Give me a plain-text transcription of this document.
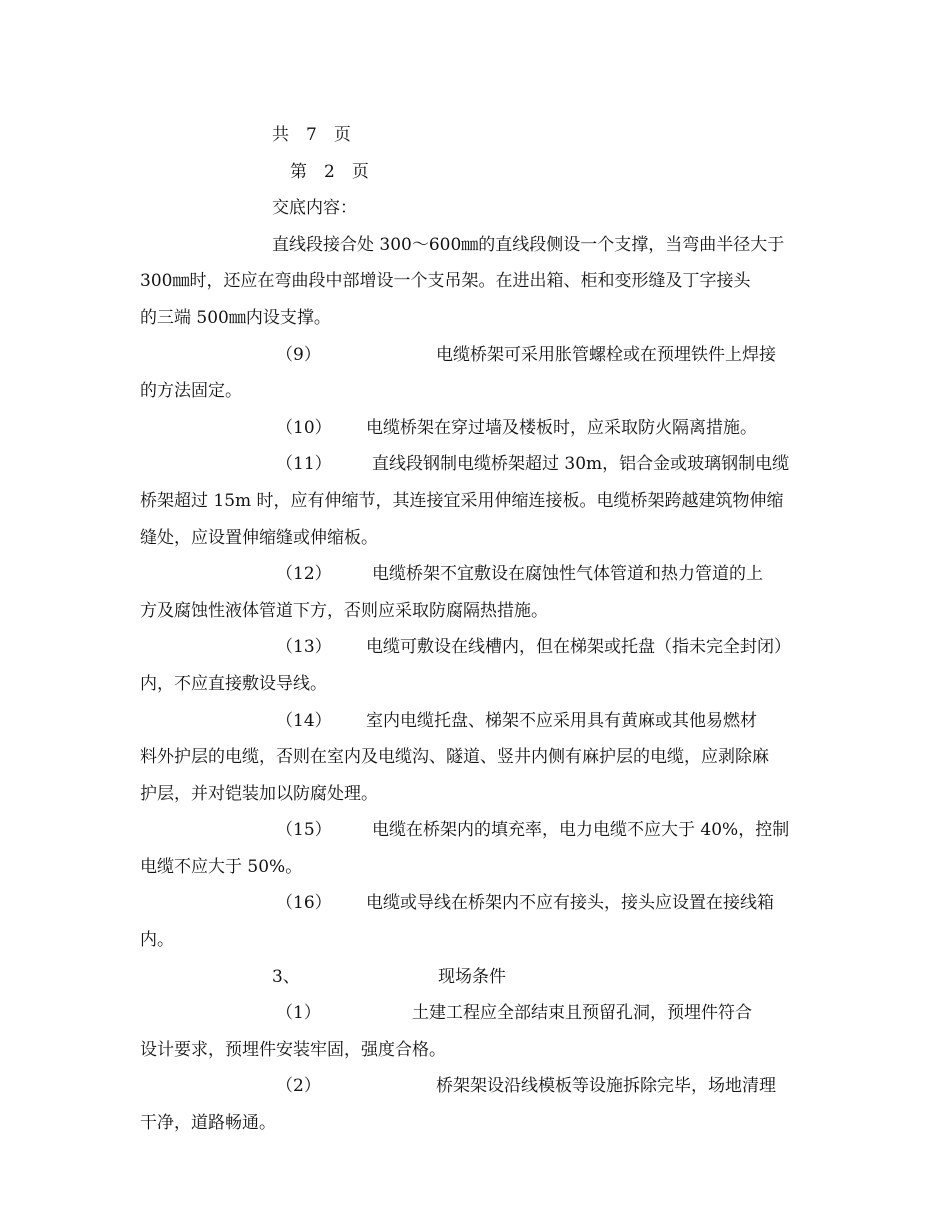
共　7　页
第　2　页
交底内容：
直线段接合处 300～600㎜的直线段侧设一个支撑，当弯曲半径大于
300㎜时，还应在弯曲段中部增设一个支吊架。在进出箱、柜和变形缝及丁字接头
的三端 500㎜内设支撑。
（9）	电缆桥架可采用胀管螺栓或在预埋铁件上焊接
的方法固定。
（10）	电缆桥架在穿过墙及楼板时，应采取防火隔离措施。
（11）	直线段钢制电缆桥架超过 30m，铝合金或玻璃钢制电缆
桥架超过 15m 时，应有伸缩节，其连接宜采用伸缩连接板。电缆桥架跨越建筑物伸缩
缝处，应设置伸缩缝或伸缩板。
（12）	电缆桥架不宜敷设在腐蚀性气体管道和热力管道的上
方及腐蚀性液体管道下方，否则应采取防腐隔热措施。
（13）	电缆可敷设在线槽内，但在梯架或托盘（指未完全封闭）
内，不应直接敷设导线。
（14）	室内电缆托盘、梯架不应采用具有黄麻或其他易燃材
料外护层的电缆，否则在室内及电缆沟、隧道、竖井内侧有麻护层的电缆，应剥除麻
护层，并对铠装加以防腐处理。
（15）	电缆在桥架内的填充率，电力电缆不应大于 40%，控制
电缆不应大于 50%。
（16）	电缆或导线在桥架内不应有接头，接头应设置在接线箱
内。
3、	现场条件
（1）	土建工程应全部结束且预留孔洞，预埋件符合
设计要求，预埋件安装牢固，强度合格。
（2）	桥架架设沿线模板等设施拆除完毕，场地清理
干净，道路畅通。
